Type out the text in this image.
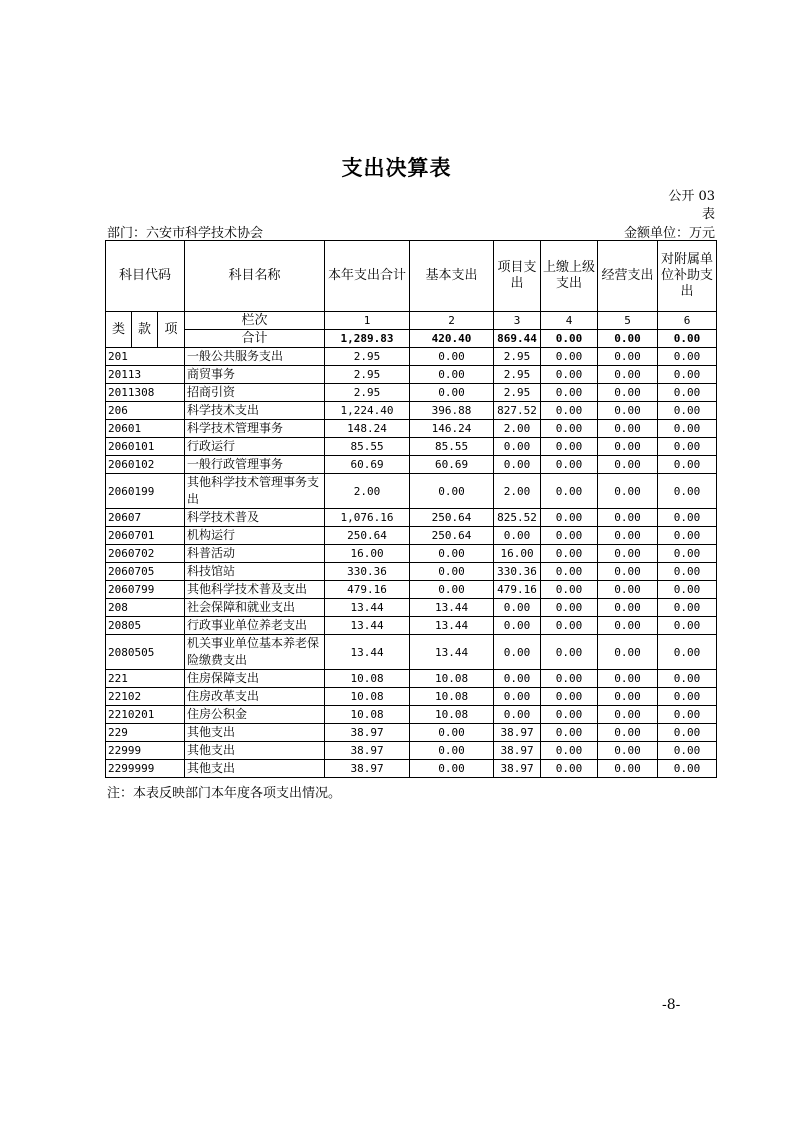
支出决算表
公开 03
表
部门：六安市科学技术协会	金额单位：万元
科目代码			科目名称	本年支出合计	基本支出	项目支出	上缴上级支出	经营支出	对附属单位补助支出
类	款	项	栏次	1	2	3	4	5	6
			合计	1,289.83	420.40	869.44	0.00	0.00	0.00
201			一般公共服务支出	2.95	0.00	2.95	0.00	0.00	0.00
20113			商贸事务	2.95	0.00	2.95	0.00	0.00	0.00
2011308			招商引资	2.95	0.00	2.95	0.00	0.00	0.00
206			科学技术支出	1,224.40	396.88	827.52	0.00	0.00	0.00
20601			科学技术管理事务	148.24	146.24	2.00	0.00	0.00	0.00
2060101			行政运行	85.55	85.55	0.00	0.00	0.00	0.00
2060102			一般行政管理事务	60.69	60.69	0.00	0.00	0.00	0.00
2060199			其他科学技术管理事务支出	2.00	0.00	2.00	0.00	0.00	0.00
20607			科学技术普及	1,076.16	250.64	825.52	0.00	0.00	0.00
2060701			机构运行	250.64	250.64	0.00	0.00	0.00	0.00
2060702			科普活动	16.00	0.00	16.00	0.00	0.00	0.00
2060705			科技馆站	330.36	0.00	330.36	0.00	0.00	0.00
2060799			其他科学技术普及支出	479.16	0.00	479.16	0.00	0.00	0.00
208			社会保障和就业支出	13.44	13.44	0.00	0.00	0.00	0.00
20805			行政事业单位养老支出	13.44	13.44	0.00	0.00	0.00	0.00
2080505			机关事业单位基本养老保险缴费支出	13.44	13.44	0.00	0.00	0.00	0.00
221			住房保障支出	10.08	10.08	0.00	0.00	0.00	0.00
22102			住房改革支出	10.08	10.08	0.00	0.00	0.00	0.00
2210201			住房公积金	10.08	10.08	0.00	0.00	0.00	0.00
229			其他支出	38.97	0.00	38.97	0.00	0.00	0.00
22999			其他支出	38.97	0.00	38.97	0.00	0.00	0.00
2299999			其他支出	38.97	0.00	38.97	0.00	0.00	0.00
注：本表反映部门本年度各项支出情况。
-8-
